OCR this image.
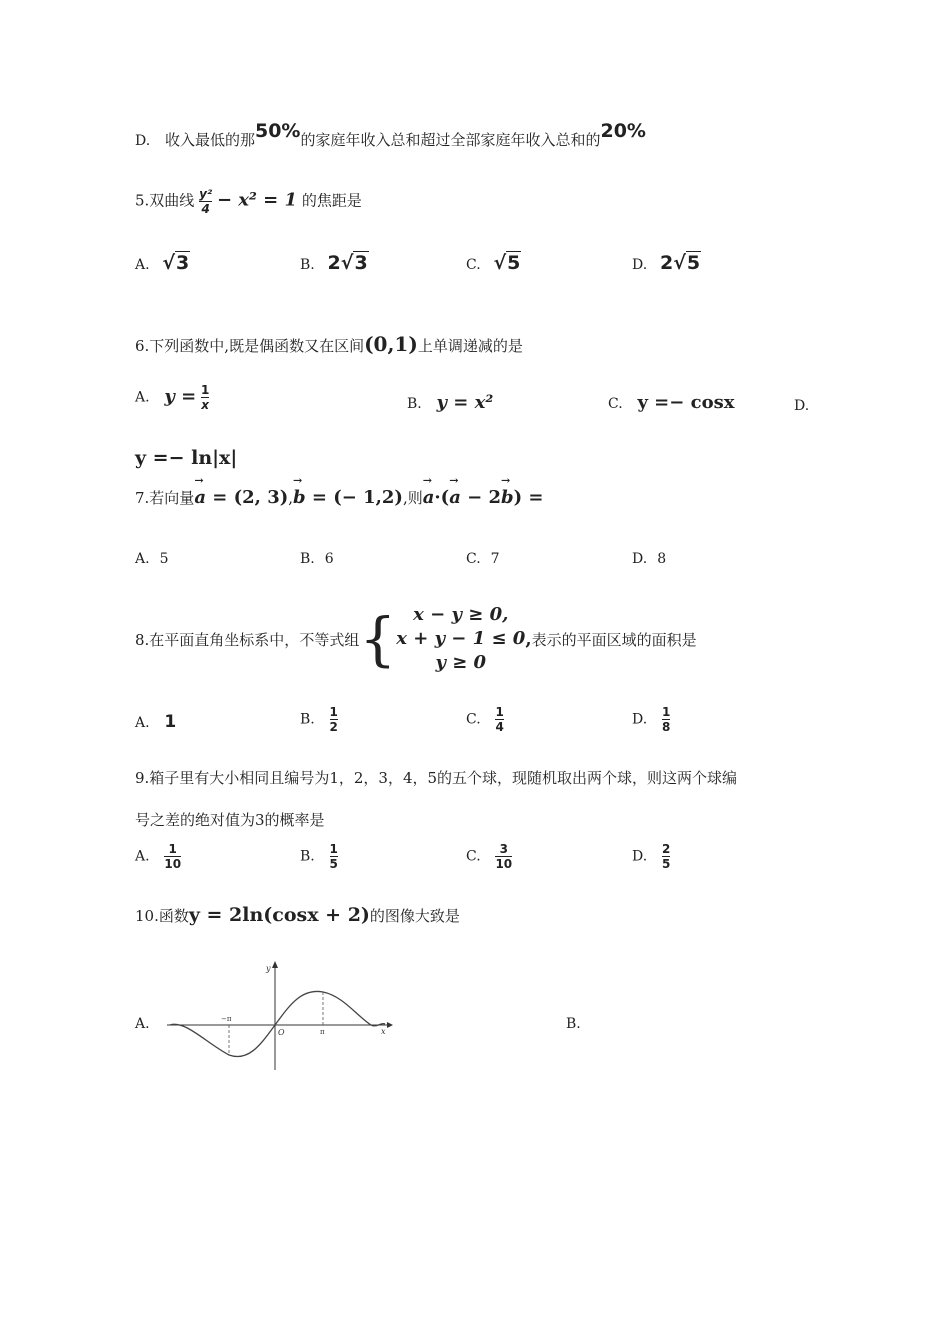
D. 收入最低的那50%的家庭年收入总和超过全部家庭年收入总和的20%
5.双曲线 $\frac{\text{y²}}{4} - x^2 = 1$ 的焦距是
A. √3	B. 2√3	C. √5	D. 2√5
6.下列函数中,既是偶函数又在区间(0,1)上单调递减的是
A. $y = \frac{1}{x}$	B. y = x²	C. y =− cosx	D.
y =− ln|x|
7.若向量→ a = (2, 3),→ b = (− 1,2),则→ a·(→ a − 2→ b) =
A. 5	B. 6	C. 7	D. 8
8.在平面直角坐标系中，不等式组 { x − y ≥ 0,
x + y − 1 ≤ 0
y ≥ 0
, 表示的平面区域的面积是
A. 1	B. $\frac{1}{2}$	C. $\frac{1}{4}$	D. $\frac{1}{8}$
9.箱子里有大小相同且编号为1，2，3，4，5的五个球，现随机取出两个球，则这两个球编
号之差的绝对值为3的概率是
A. $\frac{1}{10}$	B. $\frac{1}{5}$	C. $\frac{3}{10}$	D. $\frac{2}{5}$
10.函数y = 2ln(cosx + 2)的图像大致是
A.	B.
y
x
O
−π
π
